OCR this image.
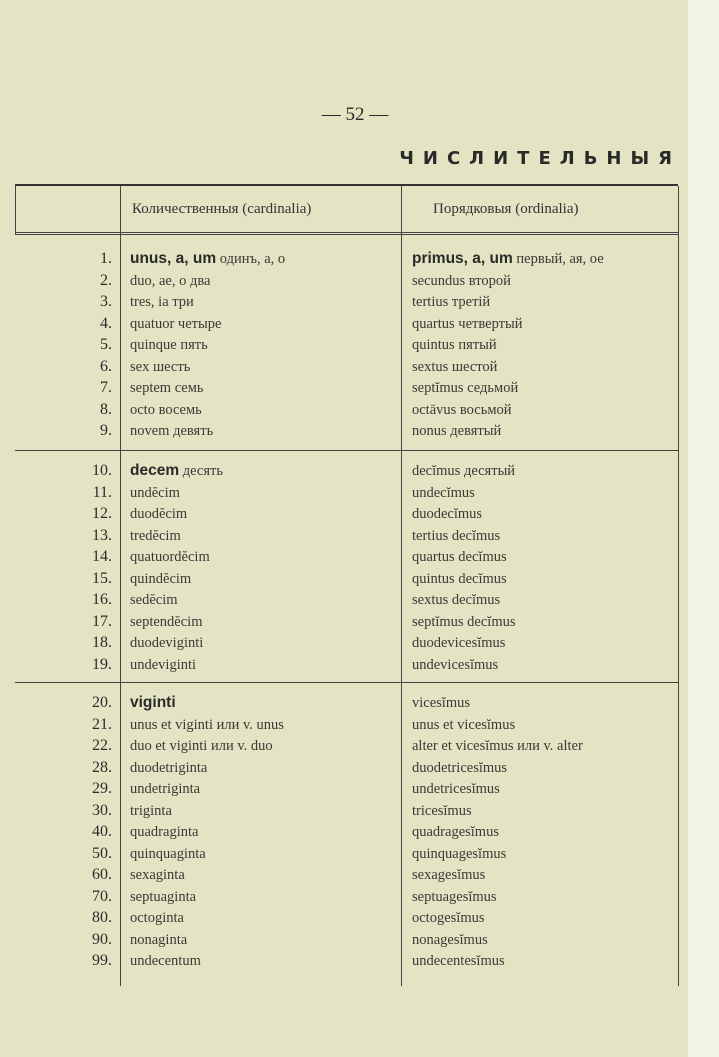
— 52 —
ЧИСЛИТЕЛЬНЫЯ
Количественныя (cardinalia)	Порядковыя (ordinalia)
1. unus, a, um одинъ, а, о	primus, a, um первый, ая, ое
2. duo, ae, o два	secundus второй
3. tres, ia три	tertius третій
4. quatuor четыре	quartus четвертый
5. quinque пять	quintus пятый
6. sex шесть	sextus шестой
7. septem семь	septĭmus седьмой
8. octo восемь	octāvus восьмой
9. novem девять	nonus девятый
10. decem десять	decĭmus десятый
11. undĕcim	undecĭmus
12. duodĕcim	duodecĭmus
13. tredĕcim	tertius decĭmus
14. quatuordĕcim	quartus decĭmus
15. quindĕcim	quintus decĭmus
16. sedĕcim	sextus decĭmus
17. septendĕcim	septĭmus decĭmus
18. duodeviginti	duodevicesĭmus
19. undeviginti	undevicesĭmus
20. viginti	vicesĭmus
21. unus et viginti или v. unus	unus et vicesĭmus
22. duo et viginti или v. duo	alter et vicesĭmus или v. alter
28. duodetriginta	duodetricesĭmus
29. undetriginta	undetricesĭmus
30. triginta	tricesĭmus
40. quadraginta	quadragesĭmus
50. quinquaginta	quinquagesĭmus
60. sexaginta	sexagesĭmus
70. septuaginta	septuagesĭmus
80. octoginta	octogesĭmus
90. nonaginta	nonagesĭmus
99. undecentum	undecentesĭmus
